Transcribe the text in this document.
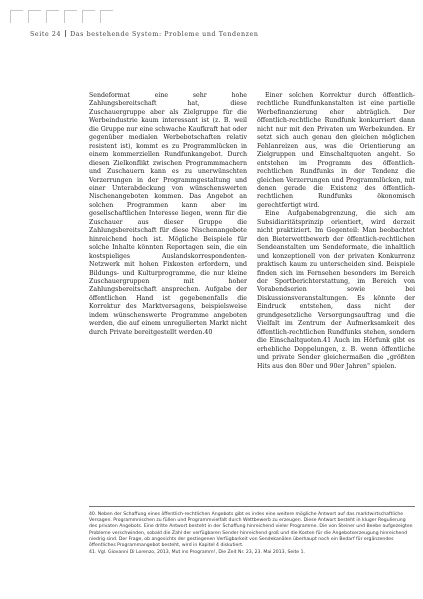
Seite 24 Das bestehende System: Probleme und Tendenzen

Sendeformat eine sehr hohe Zahlungsbereitschaft hat, diese Zuschauergruppe aber als Zielgruppe für die Werbeindustrie kaum interessant ist (z. B. weil die Gruppe nur eine schwache Kaufkraft hat oder gegenüber medialen Werbebotschaften relativ resistent ist), kommt es zu Programmlücken in einem kommerziellen Rundfunkangebot. Durch diesen Zielkonflikt zwischen Programmmachern und Zuschauern kann es zu unerwünschten Verzerrungen in der Programmgestaltung und einer Unterabdeckung von wünschenswerten Nischenangeboten kommen. Das Angebot an solchen Programmen kann aber im gesellschaftlichen Interesse liegen, wenn für die Zuschauer aus dieser Gruppe die Zahlungsbereitschaft für diese Nischenangebote hinreichend hoch ist. Mögliche Beispiele für solche Inhalte könnten Reportagen sein, die ein kostspieliges Auslandskorrespondenten-Netzwerk mit hohen Fixkosten erfordern, und Bildungs- und Kulturprogramme, die nur kleine Zuschauergruppen mit hoher Zahlungsbereitschaft ansprechen. Aufgabe der öffentlichen Hand ist gegebenenfalls die Korrektur des Marktversagens, beispielsweise indem wünschenswerte Programme angeboten werden, die auf einem unregulierten Markt nicht durch Private bereitgestellt werden.40

Einer solchen Korrektur durch öffentlich-rechtliche Rundfunkanstalten ist eine partielle Werbefinanzierung eher abträglich. Der öffentlich-rechtliche Rundfunk konkurriert dann nicht nur mit den Privaten um Werbekunden. Er setzt sich auch genau den gleichen möglichen Fehlanreizen aus, was die Orientierung an Zielgruppen und Einschaltquoten angeht. So entstehen im Programm des öffentlich-rechtlichen Rundfunks in der Tendenz die gleichen Verzerrungen und Programmlücken, mit denen gerade die Existenz des öffentlich-rechtlichen Rundfunks ökonomisch gerechtfertigt wird.

Eine Aufgabenabgrenzung, die sich am Subsidiaritätsprinzip orientiert, wird derzeit nicht praktiziert. Im Gegenteil: Man beobachtet den Bieterwettbewerb der öffentlich-rechtlichen Sendeanstalten um Sendeformate, die inhaltlich und konzeptionell von der privaten Konkurrenz praktisch kaum zu unterscheiden sind. Beispiele finden sich im Fernsehen besonders im Bereich der Sportberichterstattung, im Bereich von Vorabendserien sowie bei Diskussionsveranstaltungen. Es könnte der Eindruck entstehen, dass nicht der grundgesetzliche Versorgungsauftrag und die Vielfalt im Zentrum der Aufmerksamkeit des öffentlich-rechtlichen Rundfunks stehen, sondern die Einschaltquoten.41 Auch im Hörfunk gibt es erhebliche Doppelungen, z. B. wenn öffentliche und private Sender gleichermaßen die „größten Hits aus den 80er und 90er Jahren" spielen.

40. Neben der Schaffung eines öffentlich-rechtlichen Angebots gibt es indes eine weitere mögliche Antwort auf das marktwirtschaftliche Versagen. Programmnischen zu füllen und Programmvielfalt durch Wettbewerb zu erzeugen. Diese Antwort besteht in kluger Regulierung des privaten Angebots. Eine dritte Antwort besteht in der Schaffung hinreichend vieler Programme. Die von Steiner und Beebe aufgezeigten Probleme verschwinden, sobald die Zahl der verfügbaren Sender hinreichend groß und die Kosten für die Angebotserzeugung hinreichend niedrig sind. Der Frage, ob angesichts der gestiegenen Verfügbarkeit von Sendekanälen überhaupt noch ein Bedarf für ergänzendes öffentliches Programmangebot besteht, wird in Kapitel 4 diskutiert.

41. Vgl. Giovanni Di Lorenzo, 2013, Mut ins Programm!, Die Zeit Nr. 23, 23. Mai 2013, Seite 1.
